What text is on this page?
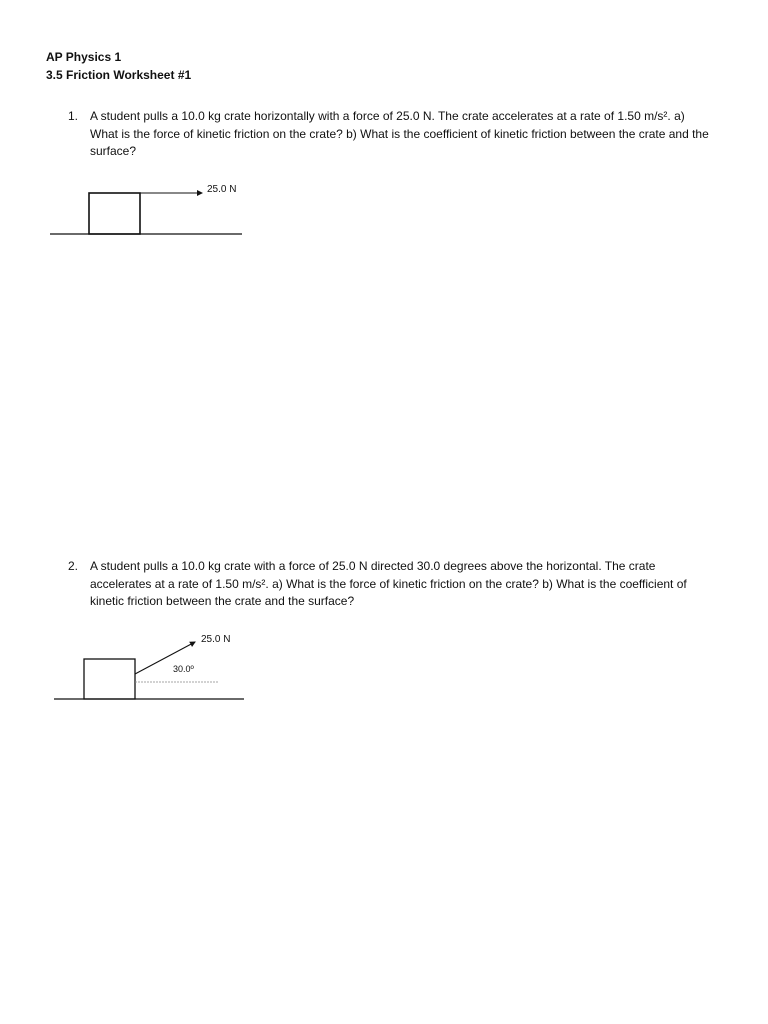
AP Physics 1
3.5 Friction Worksheet #1
1. A student pulls a 10.0 kg crate horizontally with a force of 25.0 N. The crate accelerates at a rate of 1.50 m/s². a) What is the force of kinetic friction on the crate? b) What is the coefficient of kinetic friction between the crate and the surface?
25.0 N
2. A student pulls a 10.0 kg crate with a force of 25.0 N directed 30.0 degrees above the horizontal. The crate accelerates at a rate of 1.50 m/s². a) What is the force of kinetic friction on the crate? b) What is the coefficient of kinetic friction between the crate and the surface?
25.0 N
30.0º
